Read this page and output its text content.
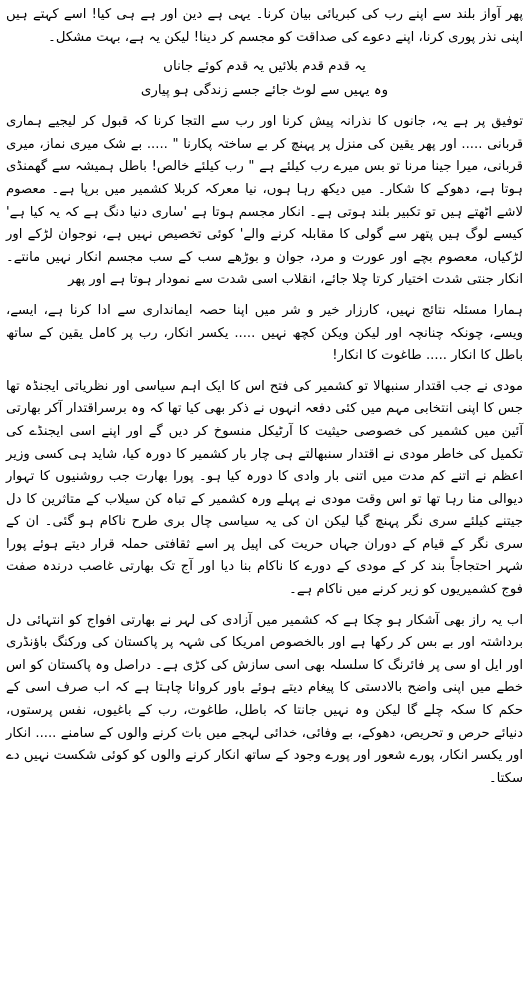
پھر آواز بلند سے اپنے رب کی کبریائی بیان کرنا۔ یہی ہے دین اور ہے ہی کیا! اسے کہتے ہیں اپنی نذر پوری کرنا، اپنے دعوے کی صداقت کو مجسم کر دینا! لیکن یہ ہے، بہت مشکل۔

یہ قدم قدم بلائیں یہ قدم کوئے جاناں

وہ یہیں سے لوٹ جائے جسے زندگی ہو پیاری

توفیق پر ہے یہ، جانوں کا نذرانہ پیش کرنا اور رب سے التجا کرنا کہ قبول کر لیجیے ہماری قربانی ..... اور پھر یقین کی منزل پر پہنچ کر بے ساختہ پکارنا " ..... بے شک میری نماز، میری قربانی، میرا جینا مرنا تو بس میرے رب کیلئے ہے " رب کیلئے خالص! باطل ہمیشہ سے گھمنڈی ہوتا ہے، دھوکے کا شکار۔ میں دیکھ رہا ہوں، نیا معرکہ کربلا کشمیر میں برپا ہے۔ معصوم لاشے اٹھتے ہیں تو تکبیر بلند ہوتی ہے۔ انکار مجسم ہوتا ہے 'ساری دنیا دنگ ہے کہ یہ کیا ہے' کیسے لوگ ہیں پتھر سے گولی کا مقابلہ کرنے والے' کوئی تخصیص نہیں ہے، نوجوان لڑکے اور لڑکیاں، معصوم بچے اور عورت و مرد، جوان و بوڑھے سب کے سب مجسم انکار نہیں مانتے۔ انکار جنتی شدت اختیار کرتا چلا جائے، انقلاب اسی شدت سے نمودار ہوتا ہے اور پھر

ہمارا مسئلہ نتائج نہیں، کارزار خیر و شر میں اپنا حصہ ایمانداری سے ادا کرنا ہے، ایسے، ویسے، چونکہ چنانچہ اور لیکن ویکن کچھ نہیں ..... یکسر انکار، رب پر کامل یقین کے ساتھ باطل کا انکار ..... طاغوت کا انکار!

مودی نے جب اقتدار سنبھالا تو کشمیر کی فتح اس کا ایک اہم سیاسی اور نظریاتی ایجنڈہ تھا جس کا اپنی انتخابی مہم میں کئی دفعہ انہوں نے ذکر بھی کیا تھا کہ وہ برسراقتدار آکر بھارتی آئین میں کشمیر کی خصوصی حیثیت کا آرٹیکل منسوخ کر دیں گے اور اپنے اسی ایجنڈے کی تکمیل کی خاطر مودی نے اقتدار سنبھالتے ہی چار بار کشمیر کا دورہ کیا، شاید ہی کسی وزیر اعظم نے اتنے کم مدت میں اتنی بار وادی کا دورہ کیا ہو۔ پورا بھارت جب روشنیوں کا تہوار دیوالی منا رہا تھا تو اس وقت مودی نے پہلے ورہ کشمیر کے تباہ کن سیلاب کے متاثرین کا دل جیتنے کیلئے سری نگر پہنچ گیا لیکن ان کی یہ سیاسی چال بری طرح ناکام ہو گئی۔ ان کے سری نگر کے قیام کے دوران جہاں حریت کی اپیل پر اسے ثقافتی حملہ قرار دیتے ہوئے پورا شہر احتجاجاً بند کر کے مودی کے دورے کا ناکام بنا دیا اور آج تک بھارتی غاصب درندہ صفت فوج کشمیریوں کو زیر کرنے میں ناکام ہے۔

اب یہ راز بھی آشکار ہو چکا ہے کہ کشمیر میں آزادی کی لہر نے بھارتی افواج کو انتہائی دل برداشتہ اور بے بس کر رکھا ہے اور بالخصوص امریکا کی شہہ پر پاکستان کی ورکنگ باؤنڈری اور ایل او سی پر فائرنگ کا سلسلہ بھی اسی سازش کی کڑی ہے۔ دراصل وہ پاکستان کو اس خطے میں اپنی واضح بالادستی کا پیغام دیتے ہوئے باور کروانا چاہتا ہے کہ اب صرف اسی کے حکم کا سکہ چلے گا لیکن وہ نہیں جانتا کہ باطل، طاغوت، رب کے باغیوں، نفس پرستوں، دنیائے حرص و تحریص، دھوکے، بے وفائی، خدائی لہجے میں بات کرنے والوں کے سامنے ..... انکار اور یکسر انکار، پورے شعور اور پورے وجود کے ساتھ انکار کرنے والوں کو کوئی شکست نہیں دے سکتا۔
